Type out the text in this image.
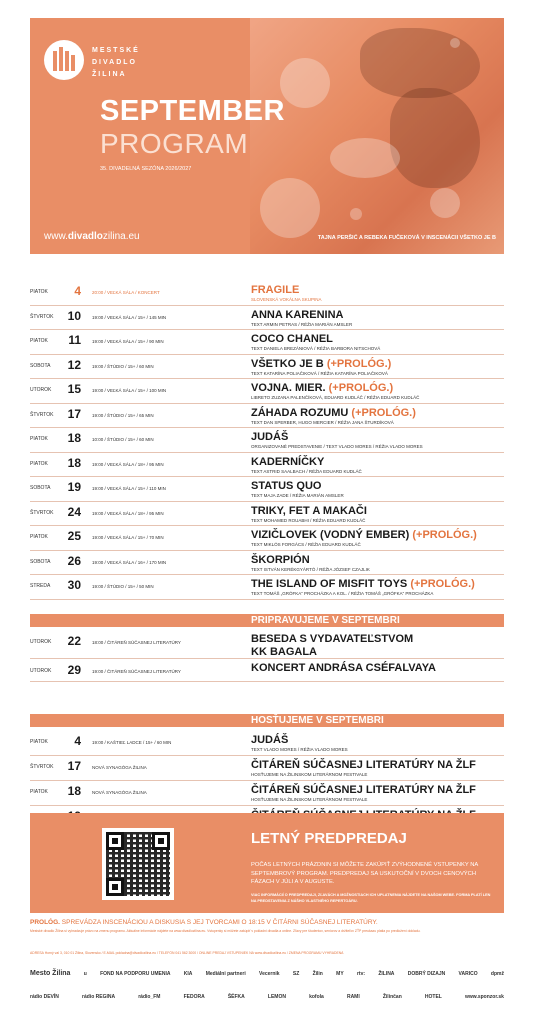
MESTSKÉ
DIVADLO
ŽILINA
SEPTEMBER
PROGRAM
35. DIVADELNÁ SEZÓNA 2026/2027
www.divadlozilina.eu	TAJNA PERŠIĆ A REBEKA FUČEKOVÁ V INSCENÁCII VŠETKO JE B
PIATOK	4 20:00 / VEĽKÁ SÁLA / KONCERT	FRAGILE
SLOVENSKÁ VOKÁLNA SKUPINA
ŠTVRTOK 10 19:00 / VEĽKÁ SÁLA / 15+ / 145 MIN	ANNA KARENINA
TEXT ARMIN PETRAS / RÉŽIA MARIÁN AMSLER
PIATOK 11 19:00 / VEĽKÁ SÁLA / 15+ / 90 MIN	COCO CHANEL
TEXT DANIELA BREZÁNIOVÁ / RÉŽIA BARBORA NITSCHOVÁ
SOBOTA 12 19:00 / ŠTÚDIO / 15+ / 60 MIN	VŠETKO JE B (+PROLÓG.)
TEXT KATARÍNA POLIAČIKOVÁ / RÉŽIA KATARÍNA POLIAČIKOVÁ
UTOROK 15 19:00 / VEĽKÁ SÁLA / 15+ / 100 MIN	VOJNA. MIER. (+PROLÓG.)
LIBRETO ZUZANA PALENČÍKOVÁ, EDUARD KUDLÁČ / RÉŽIA EDUARD KUDLÁČ
ŠTVRTOK 17 19:00 / ŠTÚDIO / 15+ / 65 MIN	ZÁHADA ROZUMU (+PROLÓG.)
TEXT DAN SPERBER, HUGO MERCIER / RÉŽIA JANA ŠTURDÍKOVÁ
PIATOK 18 10:00 / ŠTÚDIO / 15+ / 60 MIN	JUDÁŠ
ORGANIZOVANÉ PREDSTAVENIE / TEXT VLADO MORES / RÉŽIA VLADO MORES
PIATOK 18 19:00 / VEĽKÁ SÁLA / 18+ / 95 MIN	KADERNÍČKY
TEXT ASTRID SAALBACH / RÉŽIA EDUARD KUDLÁČ
SOBOTA 19 19:00 / VEĽKÁ SÁLA / 15+ / 110 MIN	STATUS QUO
TEXT MAJA ZADE / RÉŽIA MARIÁN AMSLER
ŠTVRTOK 24 19:00 / VEĽKÁ SÁLA / 18+ / 95 MIN	TRIKY, FET A MAKAČI
TEXT MOHAMED ROUABHI / RÉŽIA EDUARD KUDLÁČ
PIATOK 25 19:00 / VEĽKÁ SÁLA / 15+ / 70 MIN	VIZIČLOVEK (VODNÝ EMBER) (+PROLÓG.)
TEXT MIKLÓS FORGÁCS / RÉŽIA EDUARD KUDLÁČ
SOBOTA 26 19:00 / VEĽKÁ SÁLA / 16+ / 170 MIN	ŠKORPIÓN
TEXT ISTVÁN KERÉKGYÁRTÓ / RÉŽIA JÓZSEF CZAJLIK
STREDA 30 19:00 / ŠTÚDIO / 15+ / 50 MIN	THE ISLAND OF MISFIT TOYS (+PROLÓG.)
TEXT TOMÁŠ „GRÓFKA“ PROCHÁZKA A KOL. / RÉŽIA TOMÁŠ „GRÓFKA“ PROCHÁZKA
PRIPRAVUJEME V SEPTEMBRI
UTOROK 22 18:00 / ČITÁREŇ SÚČASNEJ LITERATÚRY	BESEDA S VYDAVATEĽSTVOM
KK BAGALA
UTOROK 29 19:00 / ČITÁREŇ SÚČASNEJ LITERATÚRY	KONCERT ANDRÁSA CSÉFALVAYA
HOSŤUJEME V SEPTEMBRI
PIATOK	4 19:00 / KAŠTIEĽ LADCE / 15+ / 60 MIN	JUDÁŠ
TEXT VLADO MORES / RÉŽIA VLADO MORES
ŠTVRTOK 17 NOVÁ SYNAGÓGA ŽILINA	ČITÁREŇ SÚČASNEJ LITERATÚRY NA ŽLF
HOSŤUJEME NA ŽILINSKOM LITERÁRNOM FESTIVALE
PIATOK 18 NOVÁ SYNAGÓGA ŽILINA	ČITÁREŇ SÚČASNEJ LITERATÚRY NA ŽLF
HOSŤUJEME NA ŽILINSKOM LITERÁRNOM FESTIVALE
LETNÝ PREDPREDAJ
POČAS LETNÝCH PRÁZDNIN SI MÔŽETE ZAKÚPIŤ ZVÝHODNENÉ VSTUPENKY NA SEPTEMBROVÝ PROGRAM. PREDPREDAJ SA USKUTOČNÍ V DVOCH CENOVÝCH FÁZACH V JÚLI A V AUGUSTE.
VIAC INFORMÁCIÍ O PREDPREDAJI, ZĽAVÁCH A MOŽNOSTIACH ICH UPLATNENIA NÁJDETE NA NAŠOM WEBE. FORMA PLATÍ LEN NA PREDSTAVENIA Z NÁŠHO VLASTNÉHO REPERTOÁRU.
PROLÓG. SPREVÁDZA INSCENÁCIOU A DISKUSIA S JEJ TVORCAMI O 18:15 V ČITÁRNI SÚČASNEJ LITERATÚRY.
Mestské divadlo Žilina si vyhradzuje právo na zmenu programu. Aktuálne informácie nájdete na www.divadlozilina.eu. Vstupenky si môžete zakúpiť v pokladni divadla a online. Zľavy pre študentov, seniorov a držiteľov ZŤP preukazu platia po predložení dokladu.
ADRESA Horný val 3, 010 01 Žilina, Slovensko / E-MAIL pokladna@divadlozilina.eu / TELEFÓN 041 562 3000 / ONLINE PREDAJ VSTUPENIEK NA www.divadlozilina.eu / ZMENA PROGRAMU VYHRADENÁ
Mesto Žilina	u	FOND NA PODPORU UMENIA	KIA	Mediálni partneri	Vecernik	SZ	Žilin	MY	rtv:	ŽILINA	DOBRÝ DIZAJN	VARICO	dpmž
rádio DEVÍN	rádio REGINA	rádio_FM	FEDORA	ŠÉFKA	LEMON	kofola	RAMI	Žilinčan	HOTEL	www.sponzor.sk
